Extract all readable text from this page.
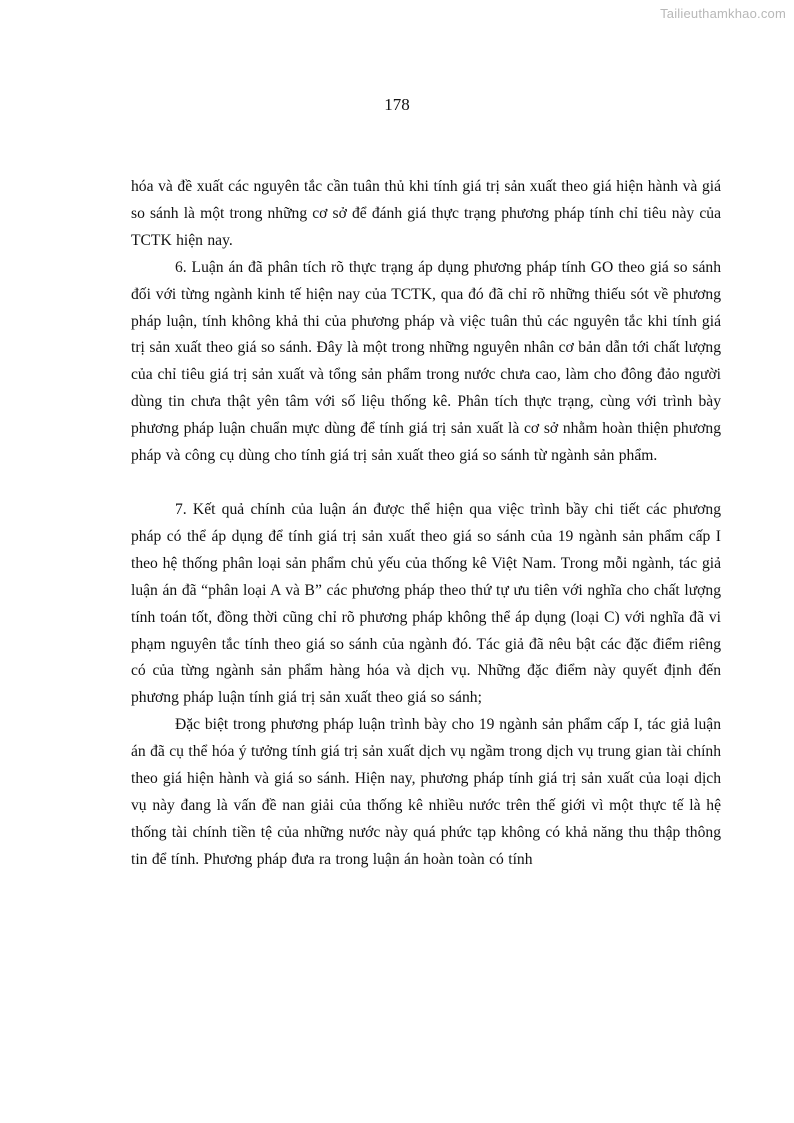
Tailieuthamkhao.com
178

hóa và đề xuất các nguyên tắc cần tuân thủ khi tính giá trị sản xuất theo giá hiện hành và giá so sánh là một trong những cơ sở để đánh giá thực trạng phương pháp tính chỉ tiêu này của TCTK hiện nay.

6. Luận án đã phân tích rõ thực trạng áp dụng phương pháp tính GO theo giá so sánh đối với từng ngành kinh tế hiện nay của TCTK, qua đó đã chỉ rõ những thiếu sót về phương pháp luận, tính không khả thi của phương pháp và việc tuân thủ các nguyên tắc khi tính giá trị sản xuất theo giá so sánh. Đây là một trong những nguyên nhân cơ bản dẫn tới chất lượng của chỉ tiêu giá trị sản xuất và tổng sản phẩm trong nước chưa cao, làm cho đông đảo người dùng tin chưa thật yên tâm với số liệu thống kê. Phân tích thực trạng, cùng với trình bày phương pháp luận chuẩn mực dùng để tính giá trị sản xuất là cơ sở nhằm hoàn thiện phương pháp và công cụ dùng cho tính giá trị sản xuất theo giá so sánh từ ngành sản phẩm.

7. Kết quả chính của luận án được thể hiện qua việc trình bầy chi tiết các phương pháp có thể áp dụng để tính giá trị sản xuất theo giá so sánh của 19 ngành sản phẩm cấp I theo hệ thống phân loại sản phẩm chủ yếu của thống kê Việt Nam. Trong mỗi ngành, tác giả luận án đã “phân loại A và B” các phương pháp theo thứ tự ưu tiên với nghĩa cho chất lượng tính toán tốt, đồng thời cũng chỉ rõ phương pháp không thể áp dụng (loại C) với nghĩa đã vi phạm nguyên tắc tính theo giá so sánh của ngành đó. Tác giả đã nêu bật các đặc điểm riêng có của từng ngành sản phẩm hàng hóa và dịch vụ. Những đặc điểm này quyết định đến phương pháp luận tính giá trị sản xuất theo giá so sánh;

Đặc biệt trong phương pháp luận trình bày cho 19 ngành sản phẩm cấp I, tác giả luận án đã cụ thể hóa ý tưởng tính giá trị sản xuất dịch vụ ngầm trong dịch vụ trung gian tài chính theo giá hiện hành và giá so sánh. Hiện nay, phương pháp tính giá trị sản xuất của loại dịch vụ này đang là vấn đề nan giải của thống kê nhiều nước trên thế giới vì một thực tế là hệ thống tài chính tiền tệ của những nước này quá phức tạp không có khả năng thu thập thông tin để tính. Phương pháp đưa ra trong luận án hoàn toàn có tính
